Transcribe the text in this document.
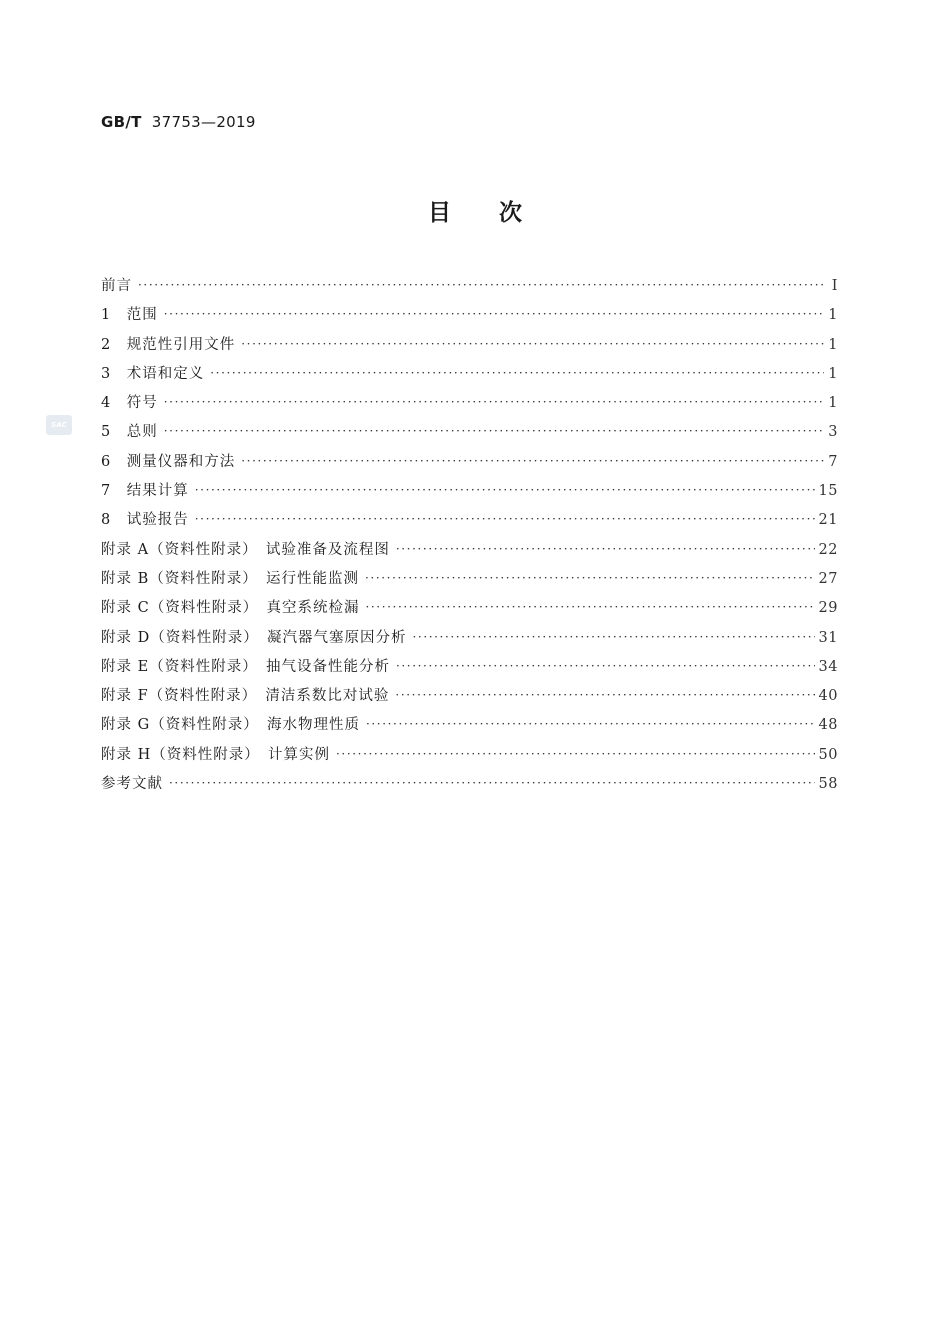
GB/T 37753—2019
目次
SAC
前言 ·····	I
1　范围 ·····	1
2　规范性引用文件 ·····	1
3　术语和定义 ·····	1
4　符号 ·····	1
5　总则 ·····	3
6　测量仪器和方法 ·····	7
7　结果计算 ·····	15
8　试验报告 ·····	21
附录 A（资料性附录）　试验准备及流程图 ·····	22
附录 B（资料性附录）　运行性能监测 ·····	27
附录 C（资料性附录）　真空系统检漏 ·····	29
附录 D（资料性附录）　凝汽器气塞原因分析 ·····	31
附录 E（资料性附录）　抽气设备性能分析 ·····	34
附录 F（资料性附录）　清洁系数比对试验 ·····	40
附录 G（资料性附录）　海水物理性质 ·····	48
附录 H（资料性附录）　计算实例 ·····	50
参考文献 ·····	58
